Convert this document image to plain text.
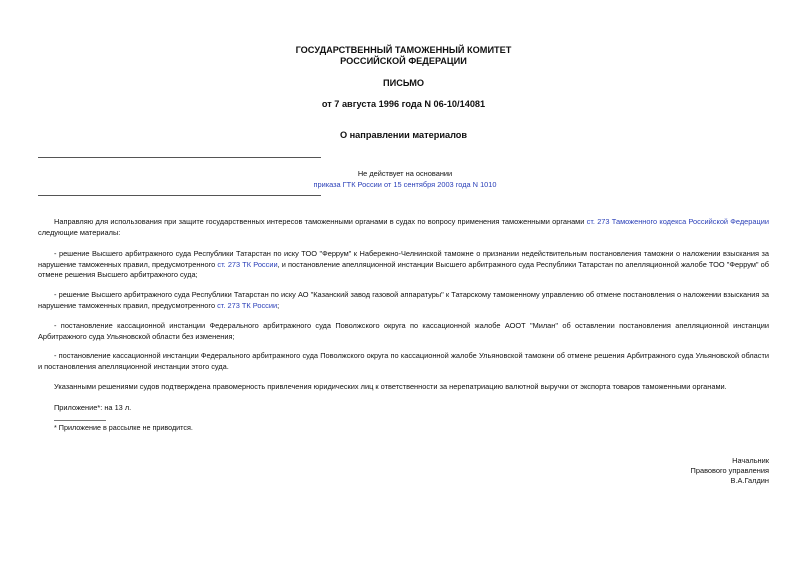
ГОСУДАРСТВЕННЫЙ ТАМОЖЕННЫЙ КОМИТЕТ
РОССИЙСКОЙ ФЕДЕРАЦИИ
ПИСЬМО
от 7 августа 1996 года N 06-10/14081
О направлении материалов
Не действует на основании
приказа ГТК России от 15 сентября 2003 года N 1010
Направляю для использования при защите государственных интересов таможенными органами в судах по вопросу применения таможенными органами ст. 273 Таможенного кодекса Российской Федерации следующие материалы:
- решение Высшего арбитражного суда Республики Татарстан по иску ТОО "Феррум" к Набережно-Челнинской таможне о признании недействительным постановления таможни о наложении взыскания за нарушение таможенных правил, предусмотренного ст. 273 ТК России, и постановление апелляционной инстанции Высшего арбитражного суда Республики Татарстан по апелляционной жалобе ТОО "Феррум" об отмене решения Высшего арбитражного суда;
- решение Высшего арбитражного суда Республики Татарстан по иску АО "Казанский завод газовой аппаратуры" к Татарскому таможенному управлению об отмене постановления о наложении взыскания за нарушение таможенных правил, предусмотренного ст. 273 ТК России;
- постановление кассационной инстанции Федерального арбитражного суда Поволжского округа по кассационной жалобе АООТ "Милан" об оставлении постановления апелляционной инстанции Арбитражного суда Ульяновской области без изменения;
- постановление кассационной инстанции Федерального арбитражного суда Поволжского округа по кассационной жалобе Ульяновской таможни об отмене решения Арбитражного суда Ульяновской области и постановления апелляционной инстанции этого суда.
Указанными решениями судов подтверждена правомерность привлечения юридических лиц к ответственности за нерепатриацию валютной выручки от экспорта товаров таможенными органами.
Приложение*: на 13 л.
* Приложение в рассылке не приводится.
Начальник
Правового управления
В.А.Галдин
